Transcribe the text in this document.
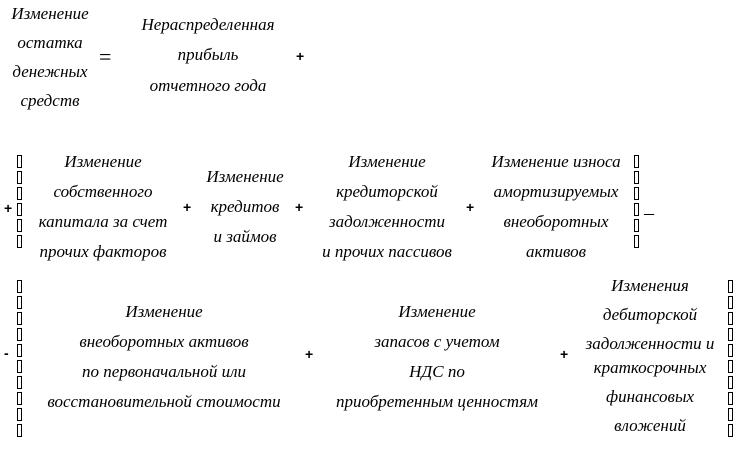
Изменение
остатка
денежных
средств
=
Нераспределенная
прибыль
отчетного года
+
+
Изменение
собственного
капитала за счет
прочих факторов
+
Изменение
кредитов
и займов
+
Изменение
кредиторской
задолженности
и прочих пассивов
+
Изменение износа
амортизируемых
внеоборотных
активов
–
-
Изменение
внеоборотных активов
по первоначальной или
восстановительной стоимости
+
Изменение
запасов с учетом
НДС по
приобретенным ценностям
+
Изменения
дебиторской
задолженности и
краткосрочных
финансовых
вложений
